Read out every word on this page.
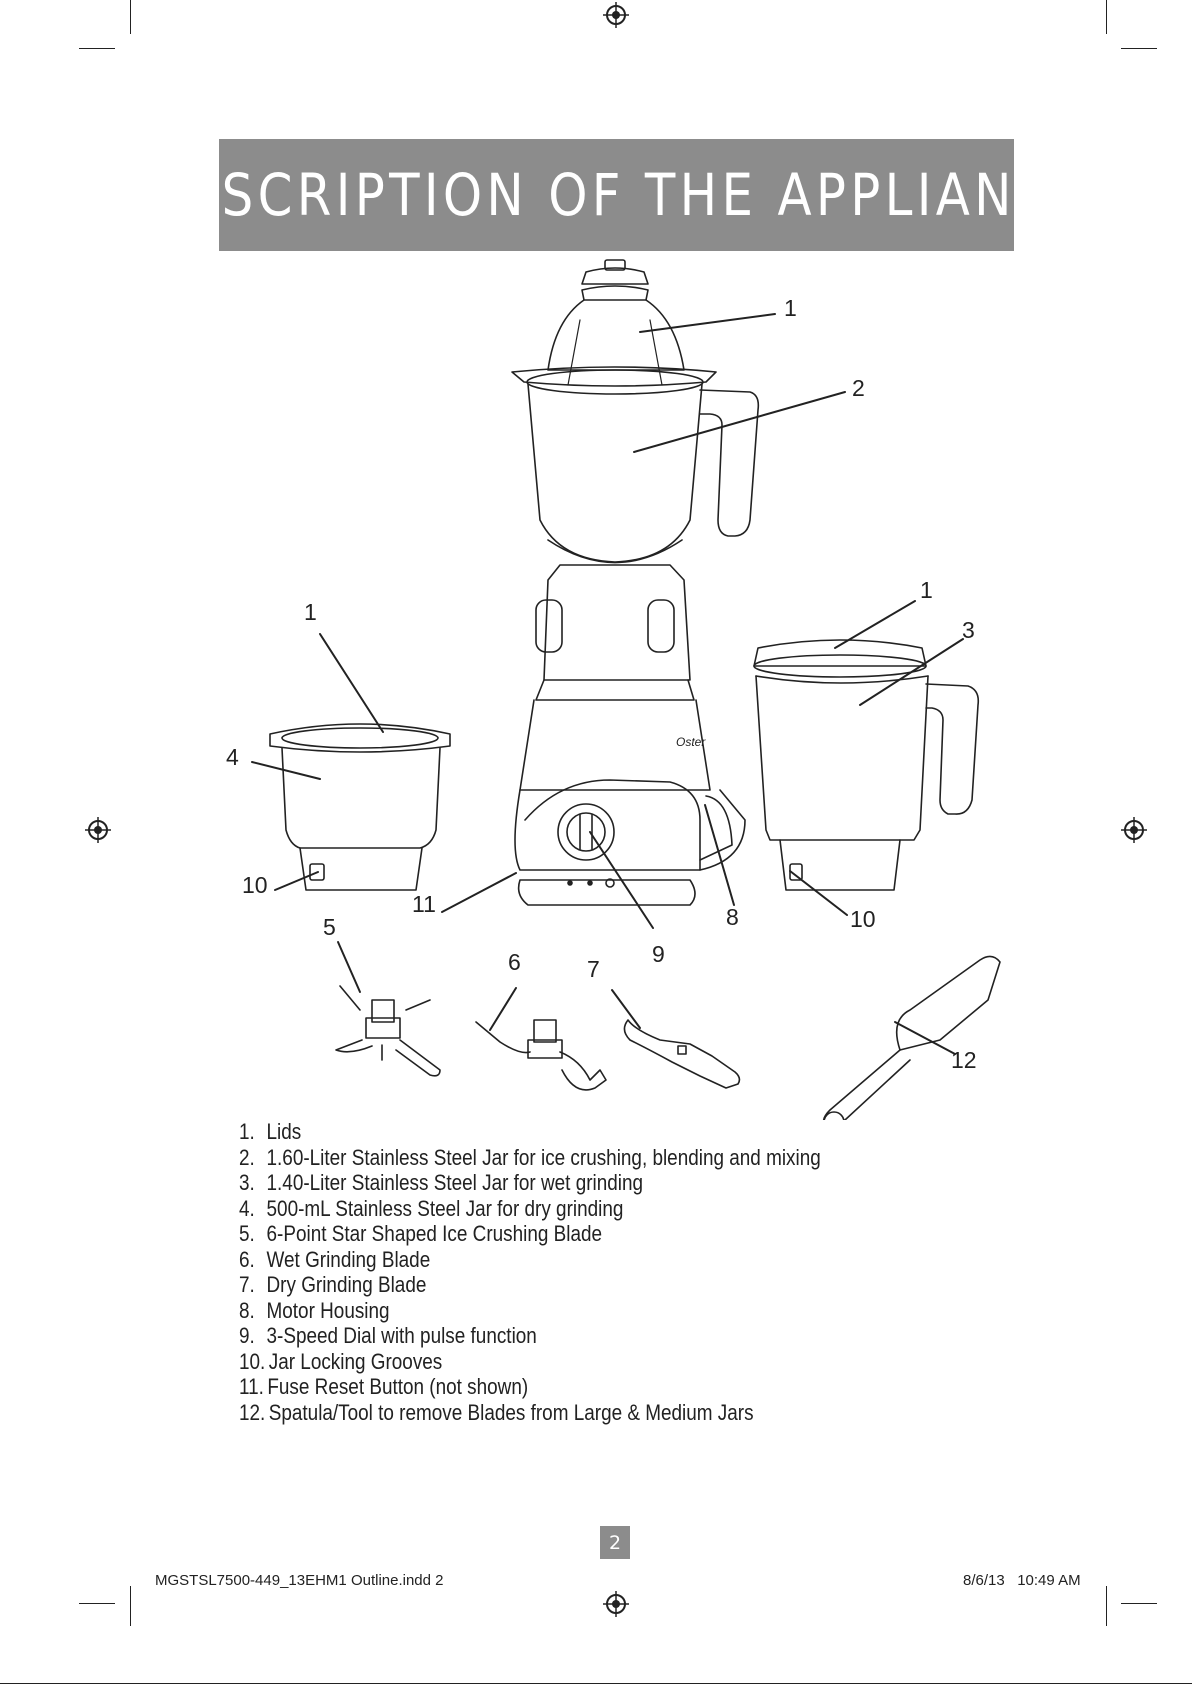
DESCRIPTION OF THE APPLIANCE
Oster
1
2
1
3
1
4
10
11	8	10
9
5
6	7
12
1. Lids
2. 1.60-Liter Stainless Steel Jar for ice crushing, blending and mixing
3. 1.40-Liter Stainless Steel Jar for wet grinding
4. 500-mL Stainless Steel Jar for dry grinding
5. 6-Point Star Shaped Ice Crushing Blade
6. Wet Grinding Blade
7. Dry Grinding Blade
8. Motor Housing
9. 3-Speed Dial with pulse function
10. Jar Locking Grooves
11. Fuse Reset Button (not shown)
12. Spatula/Tool to remove Blades from Large & Medium Jars
2
MGSTSL7500-449_13EHM1 Outline.indd 2	8/6/13   10:49 AM
